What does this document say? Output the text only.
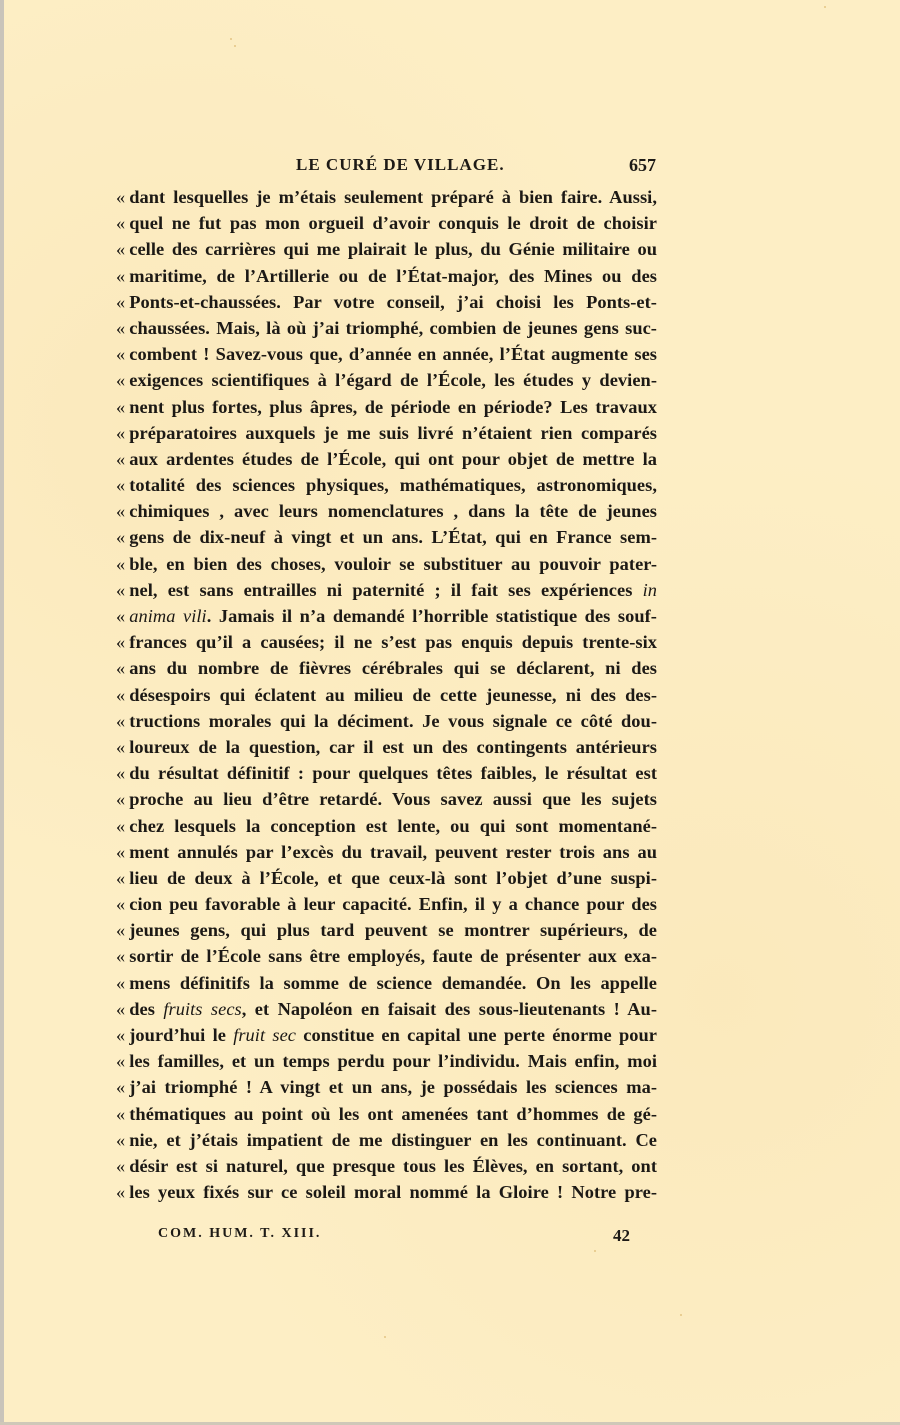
LE CURÉ DE VILLAGE.	657
« dant lesquelles je m’étais seulement préparé à bien faire. Aussi,
« quel ne fut pas mon orgueil d’avoir conquis le droit de choisir
« celle des carrières qui me plairait le plus, du Génie militaire ou
« maritime, de l’Artillerie ou de l’État-major, des Mines ou des
« Ponts-et-chaussées. Par votre conseil, j’ai choisi les Ponts-et-
« chaussées. Mais, là où j’ai triomphé, combien de jeunes gens suc-
« combent ! Savez-vous que, d’année en année, l’État augmente ses
« exigences scientifiques à l’égard de l’École, les études y devien-
« nent plus fortes, plus âpres, de période en période? Les travaux
« préparatoires auxquels je me suis livré n’étaient rien comparés
« aux ardentes études de l’École, qui ont pour objet de mettre la
« totalité des sciences physiques, mathématiques, astronomiques,
« chimiques , avec leurs nomenclatures , dans la tête de jeunes
« gens de dix-neuf à vingt et un ans. L’État, qui en France sem-
« ble, en bien des choses, vouloir se substituer au pouvoir pater-
« nel, est sans entrailles ni paternité ; il fait ses expériences in
« anima vili. Jamais il n’a demandé l’horrible statistique des souf-
« frances qu’il a causées; il ne s’est pas enquis depuis trente-six
« ans du nombre de fièvres cérébrales qui se déclarent, ni des
« désespoirs qui éclatent au milieu de cette jeunesse, ni des des-
« tructions morales qui la déciment. Je vous signale ce côté dou-
« loureux de la question, car il est un des contingents antérieurs
« du résultat définitif : pour quelques têtes faibles, le résultat est
« proche au lieu d’être retardé. Vous savez aussi que les sujets
« chez lesquels la conception est lente, ou qui sont momentané-
« ment annulés par l’excès du travail, peuvent rester trois ans au
« lieu de deux à l’École, et que ceux-là sont l’objet d’une suspi-
« cion peu favorable à leur capacité. Enfin, il y a chance pour des
« jeunes gens, qui plus tard peuvent se montrer supérieurs, de
« sortir de l’École sans être employés, faute de présenter aux exa-
« mens définitifs la somme de science demandée. On les appelle
« des fruits secs, et Napoléon en faisait des sous-lieutenants ! Au-
« jourd’hui le fruit sec constitue en capital une perte énorme pour
« les familles, et un temps perdu pour l’individu. Mais enfin, moi
« j’ai triomphé ! A vingt et un ans, je possédais les sciences ma-
« thématiques au point où les ont amenées tant d’hommes de gé-
« nie, et j’étais impatient de me distinguer en les continuant. Ce
« désir est si naturel, que presque tous les Élèves, en sortant, ont
« les yeux fixés sur ce soleil moral nommé la Gloire ! Notre pre-
COM. HUM. T. XIII.	42
